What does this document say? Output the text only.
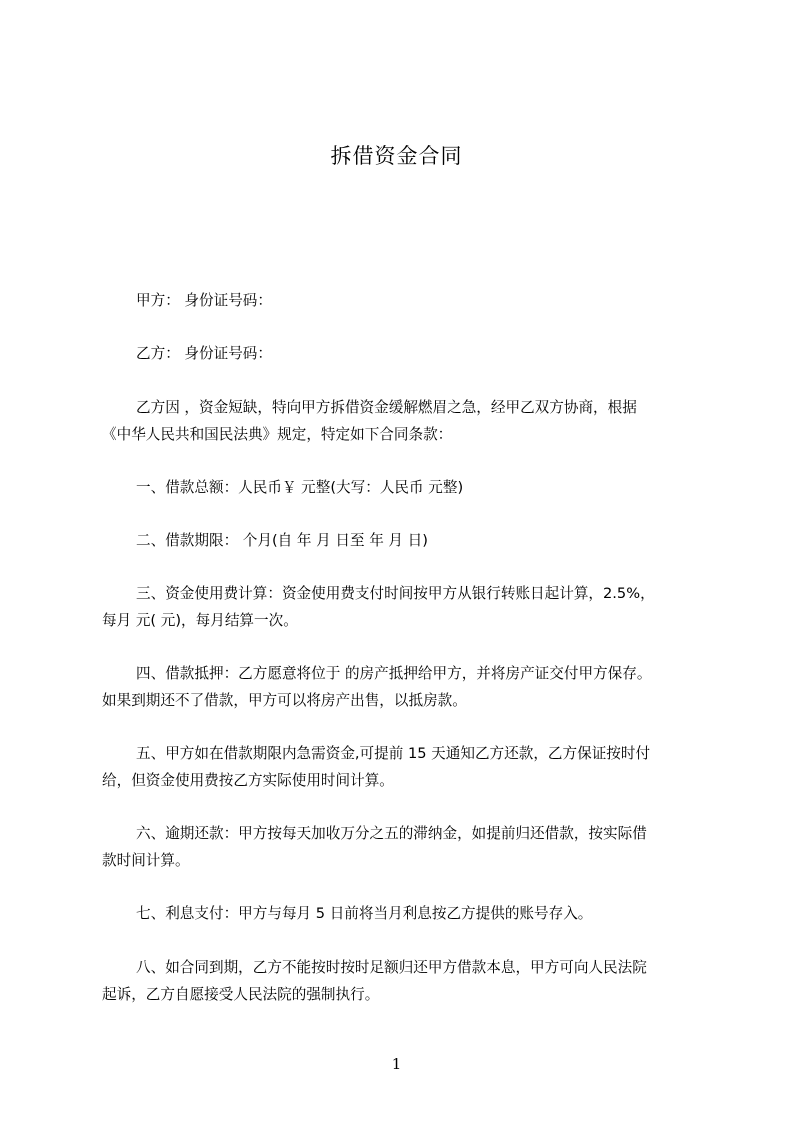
拆借资金合同
甲方： 身份证号码：
乙方： 身份证号码：
乙方因 ，资金短缺，特向甲方拆借资金缓解燃眉之急，经甲乙双方协商，根据
《中华人民共和国民法典》规定，特定如下合同条款：
一、借款总额：人民币￥ 元整(大写：人民币 元整)
二、借款期限： 个月(自 年 月 日至 年 月 日)
三、资金使用费计算：资金使用费支付时间按甲方从银行转账日起计算，2.5%，
每月 元( 元)，每月结算一次。
四、借款抵押：乙方愿意将位于 的房产抵押给甲方，并将房产证交付甲方保存。
如果到期还不了借款，甲方可以将房产出售，以抵房款。
五、甲方如在借款期限内急需资金,可提前 15 天通知乙方还款，乙方保证按时付
给，但资金使用费按乙方实际使用时间计算。
六、逾期还款：甲方按每天加收万分之五的滞纳金，如提前归还借款，按实际借
款时间计算。
七、利息支付：甲方与每月 5 日前将当月利息按乙方提供的账号存入。
八、如合同到期，乙方不能按时按时足额归还甲方借款本息，甲方可向人民法院
起诉，乙方自愿接受人民法院的强制执行。
1
